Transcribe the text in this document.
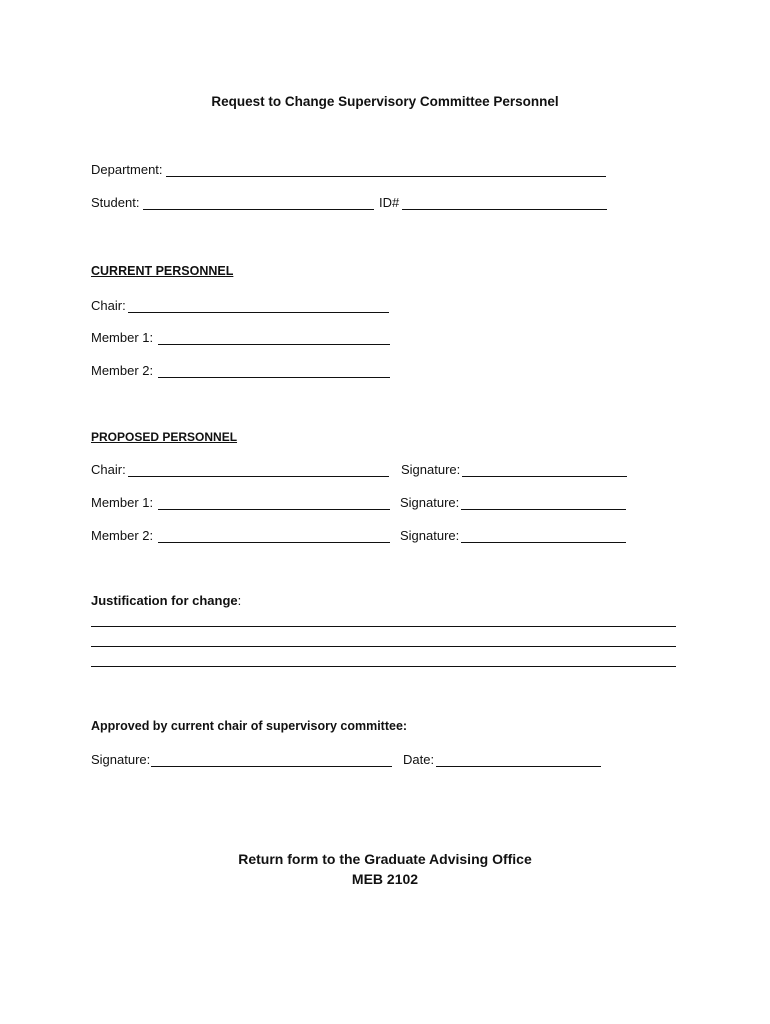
Request to Change Supervisory Committee Personnel
Department:
Student:	ID#
CURRENT PERSONNEL
Chair:
Member 1:
Member 2:
PROPOSED PERSONNEL
Chair:	Signature:
Member 1:	Signature:
Member 2:	Signature:
Justification for change:
Approved by current chair of supervisory committee:
Signature:	Date:
Return form to the Graduate Advising Office
MEB 2102
